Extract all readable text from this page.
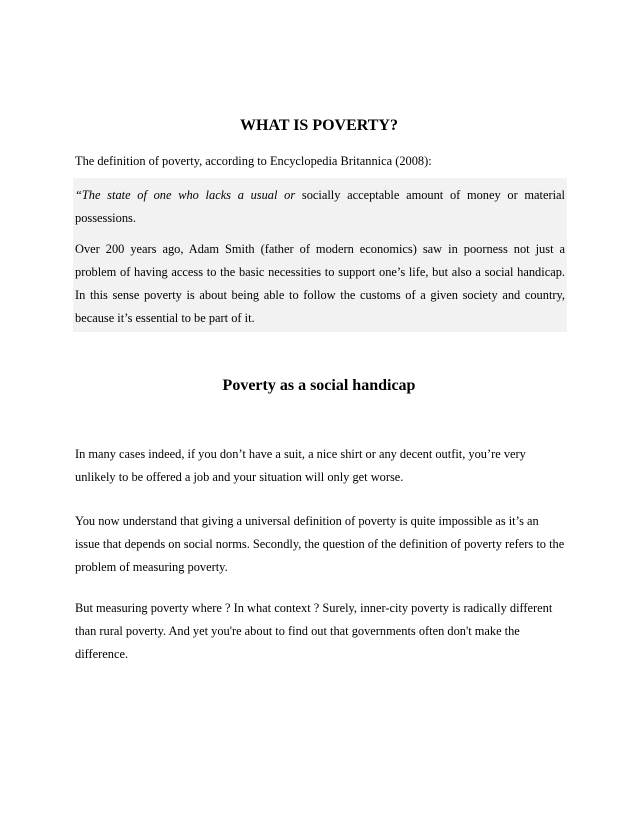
WHAT IS POVERTY?

The definition of poverty, according to Encyclopedia Britannica (2008):

“The state of one who lacks a usual or socially acceptable amount of money or material possessions.

Over 200 years ago, Adam Smith (father of modern economics) saw in poorness not just a problem of having access to the basic necessities to support one’s life, but also a social handicap. In this sense poverty is about being able to follow the customs of a given society and country, because it’s essential to be part of it.

Poverty as a social handicap

In many cases indeed, if you don’t have a suit, a nice shirt or any decent outfit, you’re very unlikely to be offered a job and your situation will only get worse.

You now understand that giving a universal definition of poverty is quite impossible as it’s an issue that depends on social norms. Secondly, the question of the definition of poverty refers to the problem of measuring poverty.

But measuring poverty where ? In what context ? Surely, inner-city poverty is radically different than rural poverty. And yet you're about to find out that governments often don't make the difference.
